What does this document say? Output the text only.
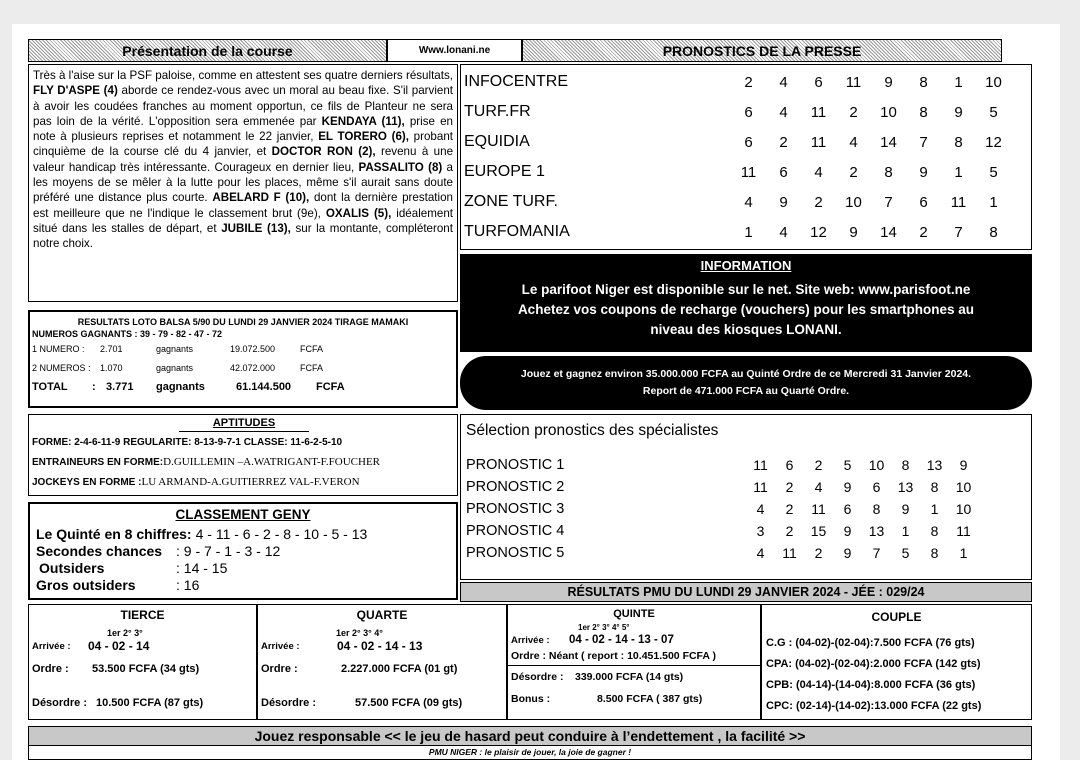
Présentation de la course	Www.lonani.ne	PRONOSTICS DE LA PRESSE
Très à l'aise sur la PSF paloise, comme en attestent ses quatre derniers résultats, FLY D'ASPE (4) aborde ce rendez-vous avec un moral au beau fixe. S'il parvient à avoir les coudées franches au moment opportun, ce fils de Planteur ne sera pas loin de la vérité. L'opposition sera emmenée par KENDAYA (11), prise en note à plusieurs reprises et notamment le 22 janvier, EL TORERO (6), probant cinquième de la course clé du 4 janvier, et DOCTOR RON (2), revenu à une valeur handicap très intéressante. Courageux en dernier lieu, PASSALITO (8) a les moyens de se mêler à la lutte pour les places, même s'il aurait sans doute préféré une distance plus courte. ABELARD F (10), dont la dernière prestation est meilleure que ne l'indique le classement brut (9e), OXALIS (5), idéalement situé dans les stalles de départ, et JUBILE (13), sur la montante, compléteront notre choix.
INFOCENTRE	2	4	6	11	9	8	1	10
TURF.FR	6	4	11	2	10	8	9	5
EQUIDIA	6	2	11	4	14	7	8	12
EUROPE 1	11	6	4	2	8	9	1	5
ZONE TURF.	4	9	2	10	7	6	11	1
TURFOMANIA	1	4	12	9	14	2	7	8
INFORMATION
Le parifoot Niger est disponible sur le net. Site web: www.parisfoot.ne
Achetez vos coupons de recharge (vouchers) pour les smartphones au
niveau des kiosques LONANI.
Jouez et gagnez environ 35.000.000 FCFA au Quinté Ordre de ce Mercredi 31 Janvier 2024.
Report de 471.000 FCFA au Quarté Ordre.
RESULTATS LOTO BALSA 5/90 DU LUNDI 29 JANVIER 2024 TIRAGE MAMAKI
NUMEROS GAGNANTS : 39 - 79 - 82 - 47 - 72
1 NUMERO :	2.701	gagnants	19.072.500	FCFA
2 NUMEROS :	1.070	gagnants	42.072.000	FCFA
TOTAL	: 3.771	gagnants	61.144.500	FCFA
APTITUDES
FORME: 2-4-6-11-9 REGULARITE: 8-13-9-7-1 CLASSE: 11-6-2-5-10
ENTRAINEURS EN FORME: D.GUILLEMIN –A.WATRIGANT-F.FOUCHER
JOCKEYS EN FORME : LU ARMAND-A.GUITIERREZ VAL-F.VERON
CLASSEMENT GENY
Le Quinté en 8 chiffres: 4 - 11 - 6 - 2 - 8 - 10 - 5 - 13
Secondes chances : 9 - 7 - 1 - 3 - 12
Outsiders	: 14 - 15
Gros outsiders	: 16
Sélection pronostics des spécialistes
PRONOSTIC 1	11	6	2	5	10	8	13	9
PRONOSTIC 2	11	2	4	9	6	13	8	10
PRONOSTIC 3	4	2	11	6	8	9	1	10
PRONOSTIC 4	3	2	15	9	13	1	8	11
PRONOSTIC 5	4	11	2	9	7	5	8	1
RÉSULTATS PMU DU LUNDI 29 JANVIER 2024 - JÉE : 029/24
TIERCE
1er 2° 3°
Arrivée :	04 - 02 - 14
Ordre :	53.500 FCFA (34 gts)
Désordre : 10.500 FCFA (87 gts)
QUARTE
1er 2° 3° 4°
Arrivée :	04 - 02 - 14 - 13
Ordre :	2.227.000 FCFA (01 gt)
Désordre :	57.500 FCFA (09 gts)
QUINTE
1er 2° 3° 4° 5°
Arrivée :	04 - 02 - 14 - 13 - 07
Ordre : Néant ( report : 10.451.500 FCFA )
Désordre :	339.000 FCFA (14 gts)
Bonus :	8.500 FCFA ( 387 gts)
COUPLE
C.G : (04-02)-(02-04):7.500 FCFA (76 gts)
CPA: (04-02)-(02-04):2.000 FCFA (142 gts)
CPB: (04-14)-(14-04):8.000 FCFA (36 gts)
CPC: (02-14)-(14-02):13.000 FCFA (22 gts)
Jouez responsable << le jeu de hasard peut conduire à l’endettement , la facilité >>
PMU NIGER : le plaisir de jouer, la joie de gagner !
